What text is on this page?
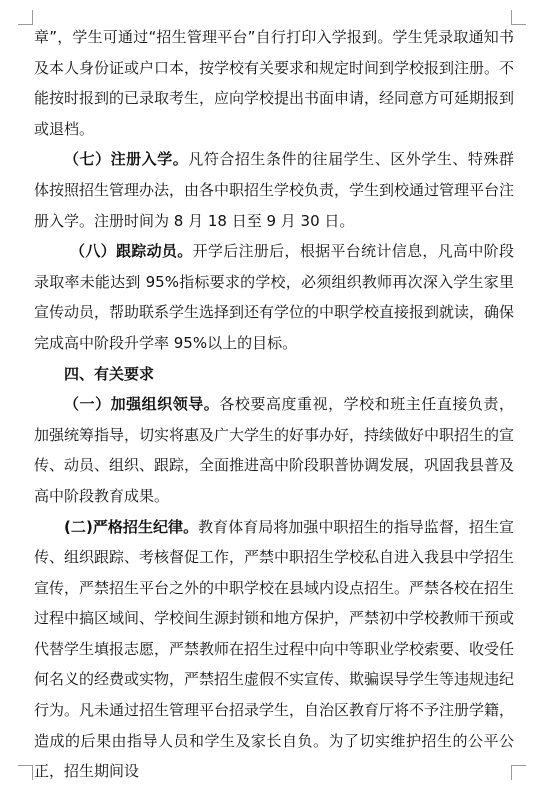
章”，学生可通过“招生管理平台”自行打印入学报到。学生凭录取通知书及本人身份证或户口本，按学校有关要求和规定时间到学校报到注册。不能按时报到的已录取考生，应向学校提出书面申请，经同意方可延期报到或退档。

（七）注册入学。凡符合招生条件的往届学生、区外学生、特殊群体按照招生管理办法，由各中职招生学校负责，学生到校通过管理平台注册入学。注册时间为 8 月 18 日至 9 月 30 日。

（八）跟踪动员。开学后注册后，根据平台统计信息，凡高中阶段录取率未能达到 95%指标要求的学校，必须组织教师再次深入学生家里宣传动员，帮助联系学生选择到还有学位的中职学校直接报到就读，确保完成高中阶段升学率 95%以上的目标。

四、有关要求

（一）加强组织领导。各校要高度重视，学校和班主任直接负责，加强统筹指导，切实将惠及广大学生的好事办好，持续做好中职招生的宣传、动员、组织、跟踪，全面推进高中阶段职普协调发展，巩固我县普及高中阶段教育成果。

(二)严格招生纪律。教育体育局将加强中职招生的指导监督，招生宣传、组织跟踪、考核督促工作，严禁中职招生学校私自进入我县中学招生宣传，严禁招生平台之外的中职学校在县域内设点招生。严禁各校在招生过程中搞区域间、学校间生源封锁和地方保护，严禁初中学校教师干预或代替学生填报志愿，严禁教师在招生过程中向中等职业学校索要、收受任何名义的经费或实物，严禁招生虚假不实宣传、欺骗误导学生等违规违纪行为。凡未通过招生管理平台招录学生，自治区教育厅将不予注册学籍，造成的后果由指导人员和学生及家长自负。为了切实维护招生的公平公正，招生期间设
